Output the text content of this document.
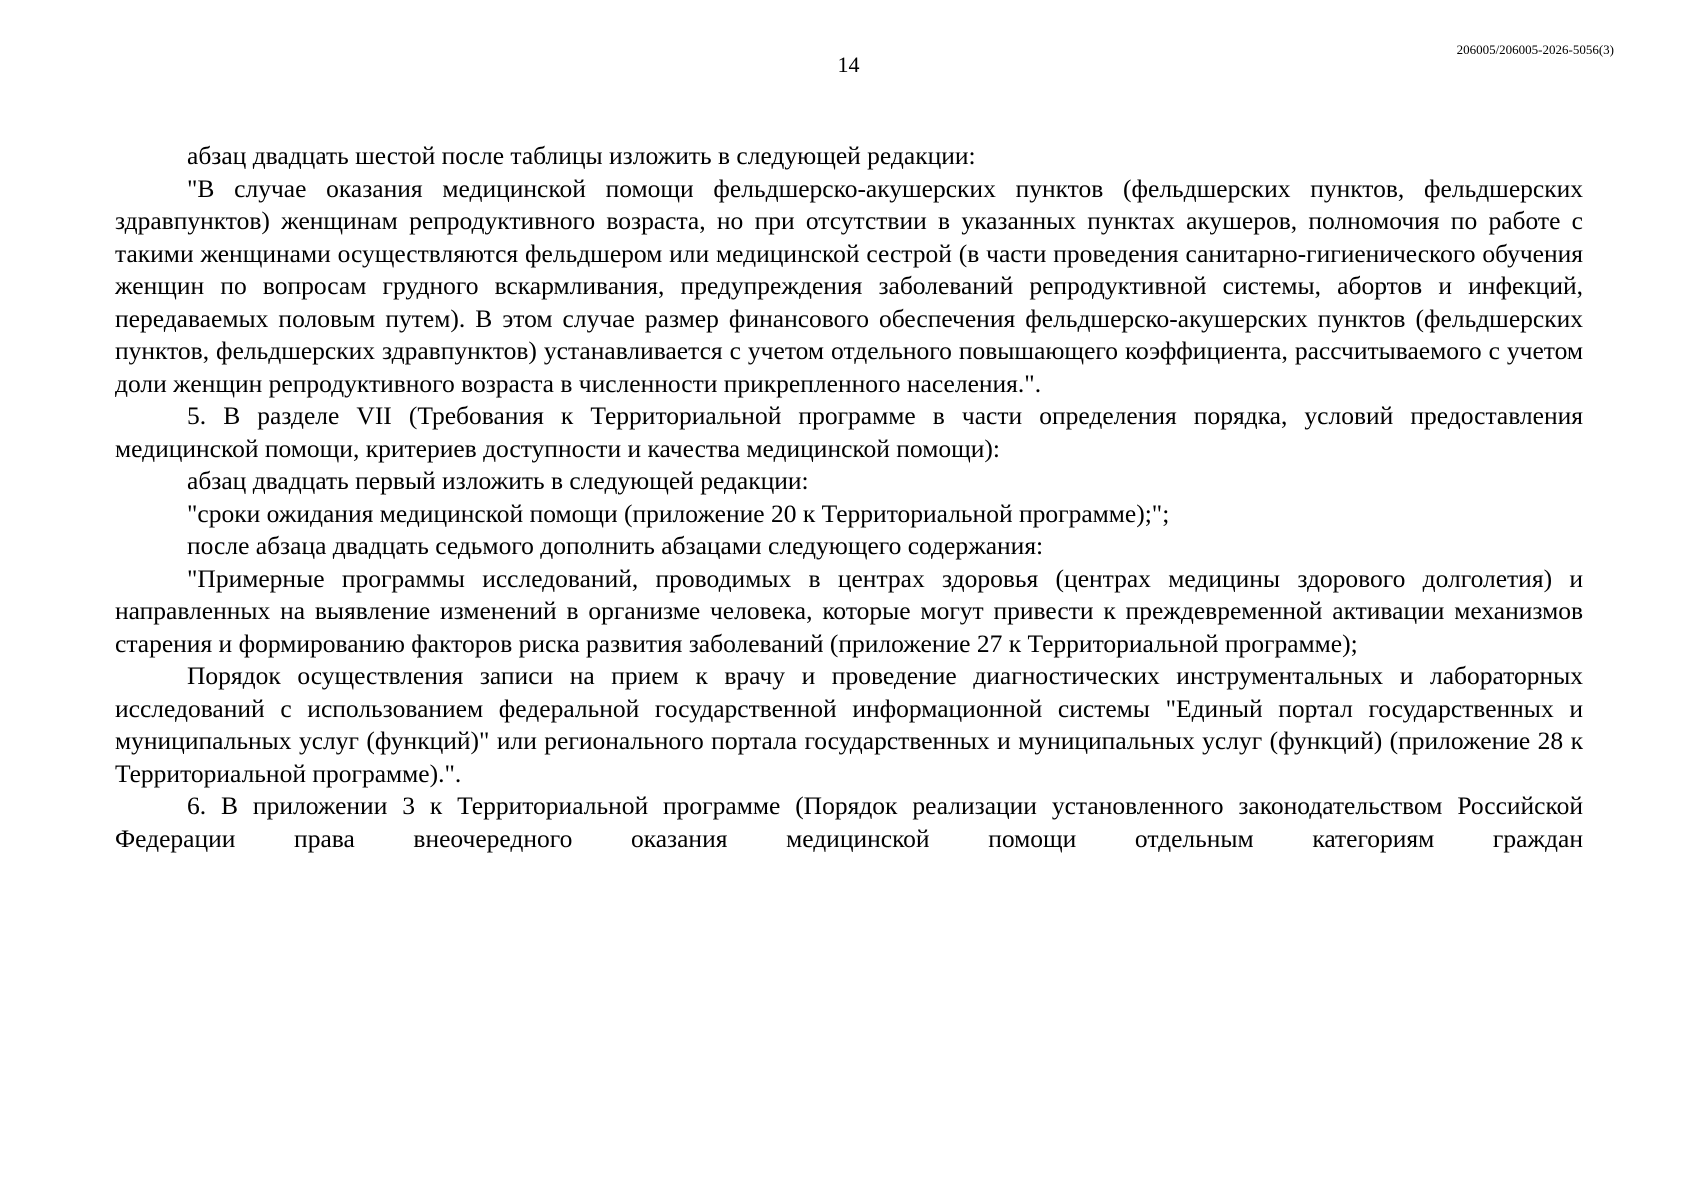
14
206005/206005-2026-5056(3)

абзац двадцать шестой после таблицы изложить в следующей редакции:

"В случае оказания медицинской помощи фельдшерско-акушерских пунктов (фельдшерских пунктов, фельдшерских здравпунктов) женщинам репродуктивного возраста, но при отсутствии в указанных пунктах акушеров, полномочия по работе с такими женщинами осуществляются фельдшером или медицинской сестрой (в части проведения санитарно-гигиенического обучения женщин по вопросам грудного вскармливания, предупреждения заболеваний репродуктивной системы, абортов и инфекций, передаваемых половым путем). В этом случае размер финансового обеспечения фельдшерско-акушерских пунктов (фельдшерских пунктов, фельдшерских здравпунктов) устанавливается с учетом отдельного повышающего коэффициента, рассчитываемого с учетом доли женщин репродуктивного возраста в численности прикрепленного населения.".

5. В разделе VII (Требования к Территориальной программе в части определения порядка, условий предоставления медицинской помощи, критериев доступности и качества медицинской помощи):

абзац двадцать первый изложить в следующей редакции:

"сроки ожидания медицинской помощи (приложение 20 к Территориальной программе);";

после абзаца двадцать седьмого дополнить абзацами следующего содержания:

"Примерные программы исследований, проводимых в центрах здоровья (центрах медицины здорового долголетия) и направленных на выявление изменений в организме человека, которые могут привести к преждевременной активации механизмов старения и формированию факторов риска развития заболеваний (приложение 27 к Территориальной программе);

Порядок осуществления записи на прием к врачу и проведение диагностических инструментальных и лабораторных исследований с использованием федеральной государственной информационной системы "Единый портал государственных и муниципальных услуг (функций)" или регионального портала государственных и муниципальных услуг (функций) (приложение 28 к Территориальной программе).".

6. В приложении 3 к Территориальной программе (Порядок реализации установленного законодательством Российской Федерации права внеочередного оказания медицинской помощи отдельным категориям граждан
